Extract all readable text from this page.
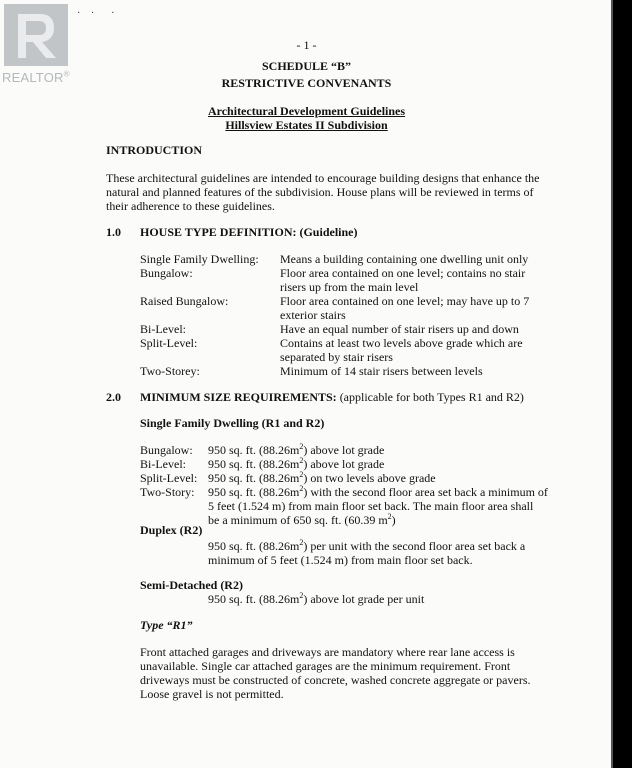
REALTOR®
· ·  ·
- 1 -
SCHEDULE “B”
RESTRICTIVE CONVENANTS
Architectural Development Guidelines
Hillsview Estates II Subdivision
INTRODUCTION
These architectural guidelines are intended to encourage building designs that enhance the
natural and planned features of the subdivision. House plans will be reviewed in terms of
their adherence to these guidelines.
1.0 HOUSE TYPE DEFINITION: (Guideline)
Single Family Dwelling: Means a building containing one dwelling unit only
Bungalow:	Floor area contained on one level; contains no stair
risers up from the main level
Raised Bungalow:	Floor area contained on one level; may have up to 7
exterior stairs
Bi-Level:	Have an equal number of stair risers up and down
Split-Level:	Contains at least two levels above grade which are
separated by stair risers
Two-Storey:	Minimum of 14 stair risers between levels
2.0 MINIMUM SIZE REQUIREMENTS: (applicable for both Types R1 and R2)
Single Family Dwelling (R1 and R2)
Bungalow: 950 sq. ft. $(88.26m^2)$ above lot grade
Bi-Level: 950 sq. ft. $(88.26m^2)$ above lot grade
Split-Level: 950 sq. ft. $(88.26m^2)$ on two levels above grade
Two-Story: 950 sq. ft. $(88.26m^2)$ with the second floor area set back a minimum of
5 feet (1.524 m) from main floor set back. The main floor area shall
be a minimum of 650 sq. ft. (60.39 $m^2$)
Duplex (R2)
950 sq. ft. $(88.26m^2)$ per unit with the second floor area set back a
minimum of 5 feet (1.524 m) from main floor set back.
Semi-Detached (R2)
950 sq. ft. $(88.26m^2)$ above lot grade per unit
Type “R1”
Front attached garages and driveways are mandatory where rear lane access is
unavailable. Single car attached garages are the minimum requirement. Front
driveways must be constructed of concrete, washed concrete aggregate or pavers.
Loose gravel is not permitted.
